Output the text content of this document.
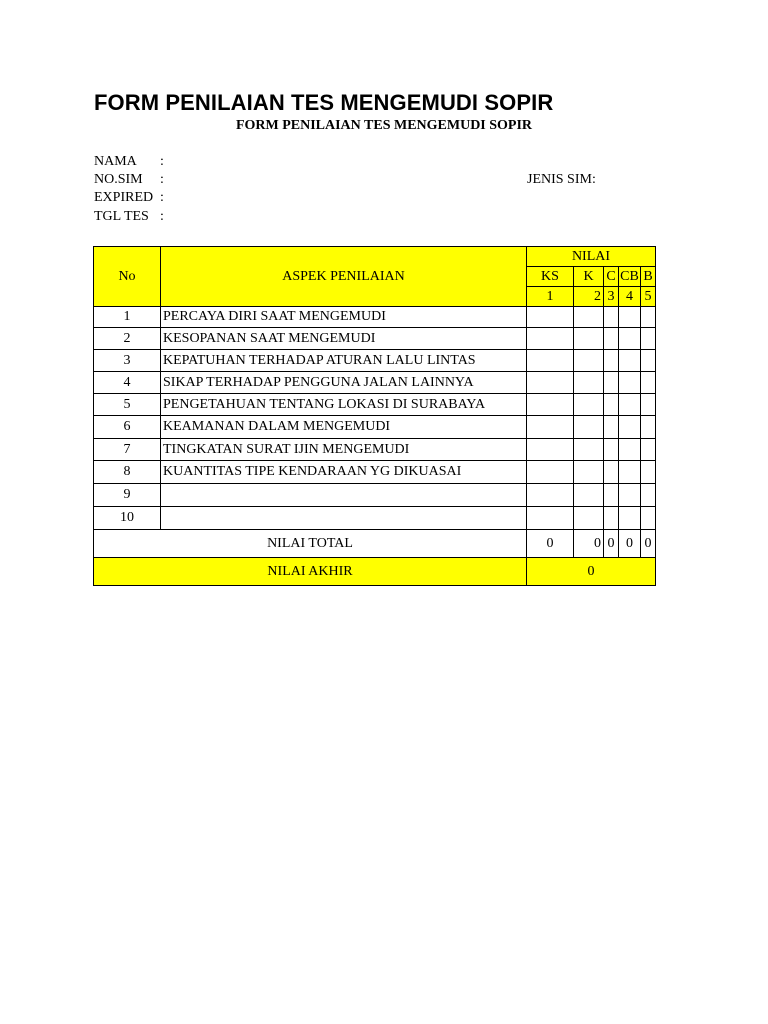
FORM PENILAIAN TES MENGEMUDI SOPIR
FORM PENILAIAN TES MENGEMUDI SOPIR
NAMA :
NO.SIM :
EXPIRED :
TGL TES :
JENIS SIM:
No	ASPEK PENILAIAN	NILAI				
		KS	K	C	CB	B
		1	2	3	4	5
1	PERCAYA DIRI SAAT MENGEMUDI					
2	KESOPANAN SAAT MENGEMUDI					
3	KEPATUHAN TERHADAP ATURAN LALU LINTAS					
4	SIKAP TERHADAP PENGGUNA JALAN LAINNYA					
5	PENGETAHUAN TENTANG LOKASI DI SURABAYA					
6	KEAMANAN DALAM MENGEMUDI					
7	TINGKATAN SURAT IJIN MENGEMUDI					
8	KUANTITAS TIPE KENDARAAN YG DIKUASAI					
9						
10						
NILAI TOTAL		0	0	0	0	0
NILAI AKHIR		0				
